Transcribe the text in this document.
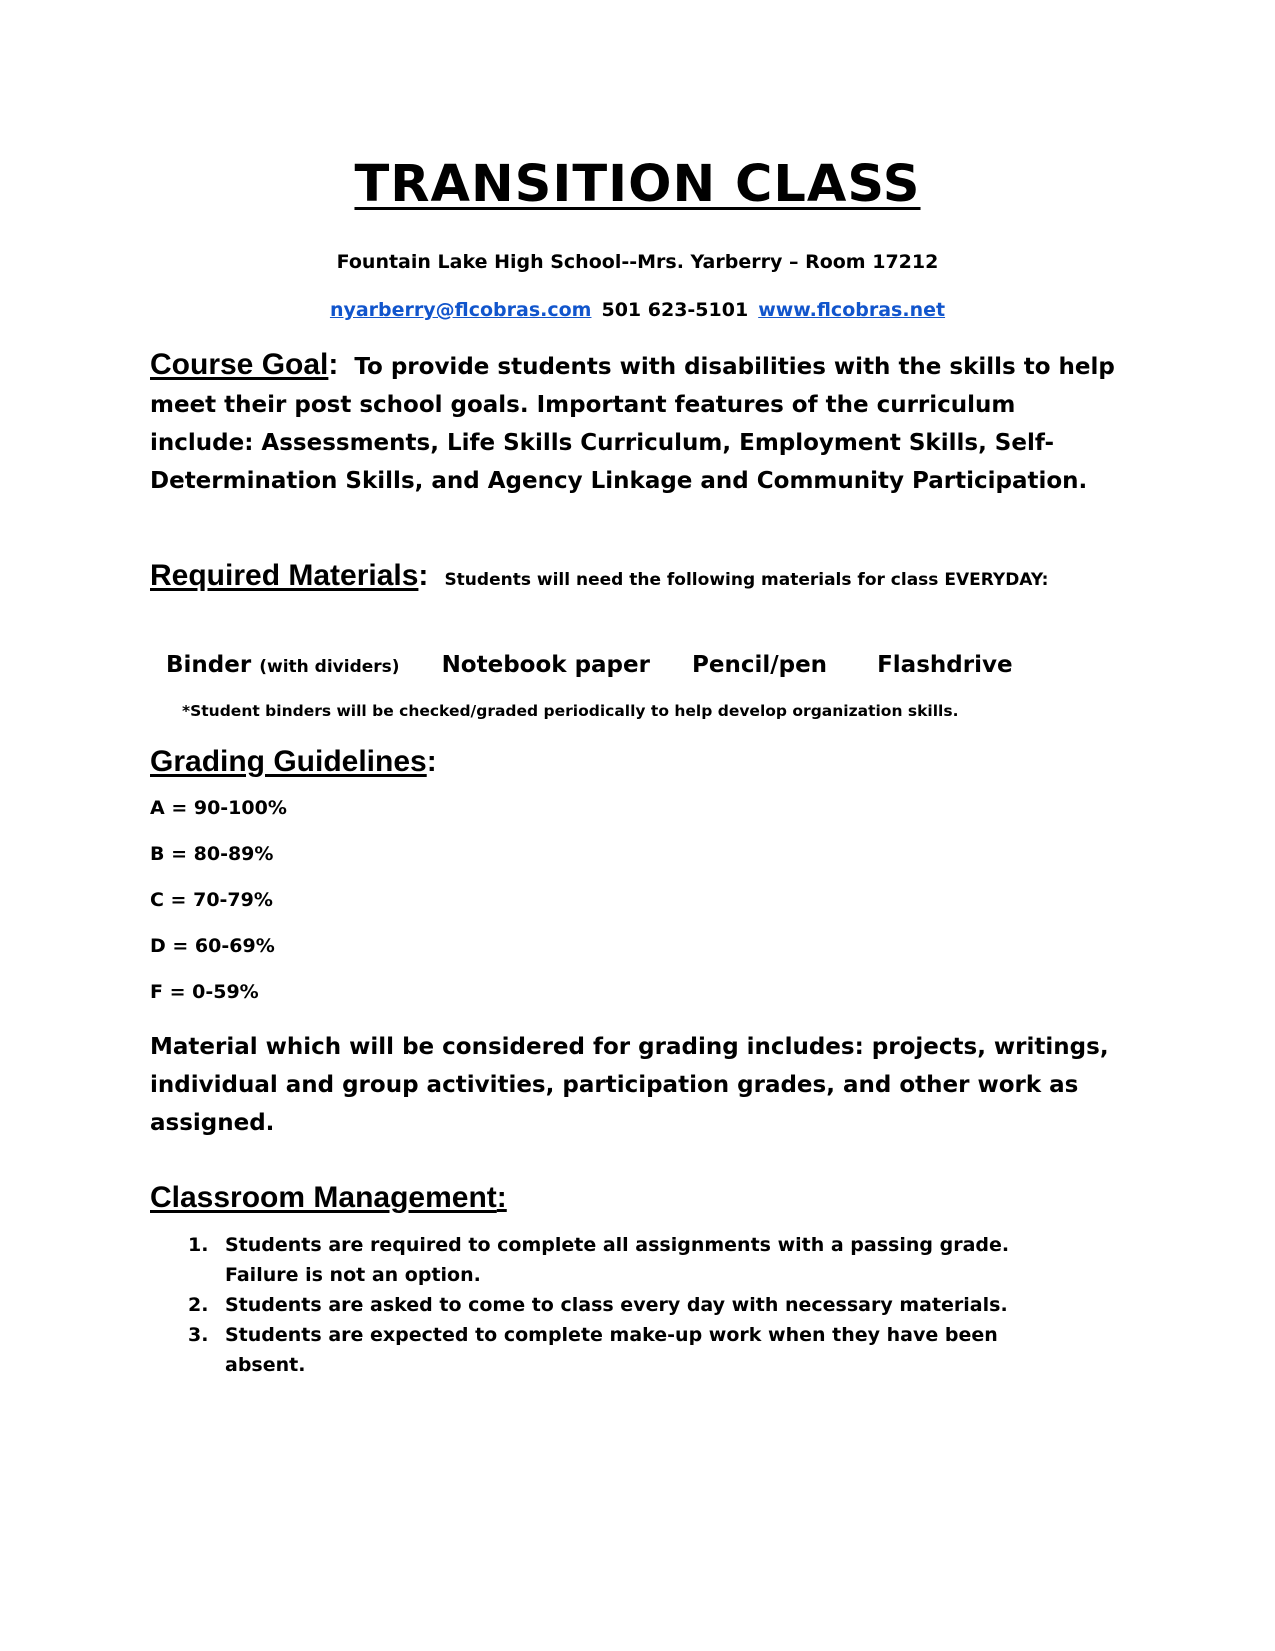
TRANSITION CLASS
Fountain Lake High School--Mrs. Yarberry – Room 17212
nyarberry@flcobras.com 501 623-5101 www.flcobras.net
Course Goal: To provide students with disabilities with the skills to help meet their post school goals. Important features of the curriculum include: Assessments, Life Skills Curriculum, Employment Skills, Self-Determination Skills, and Agency Linkage and Community Participation.
Required Materials: Students will need the following materials for class EVERYDAY:
Binder (with dividers) Notebook paper Pencil/pen Flashdrive
*Student binders will be checked/graded periodically to help develop organization skills.
Grading Guidelines:
A = 90-100%
B = 80-89%
C = 70-79%
D = 60-69%
F = 0-59%
Material which will be considered for grading includes: projects, writings, individual and group activities, participation grades, and other work as assigned.
Classroom Management:
1. Students are required to complete all assignments with a passing grade. Failure is not an option.
2. Students are asked to come to class every day with necessary materials.
3. Students are expected to complete make-up work when they have been absent.
